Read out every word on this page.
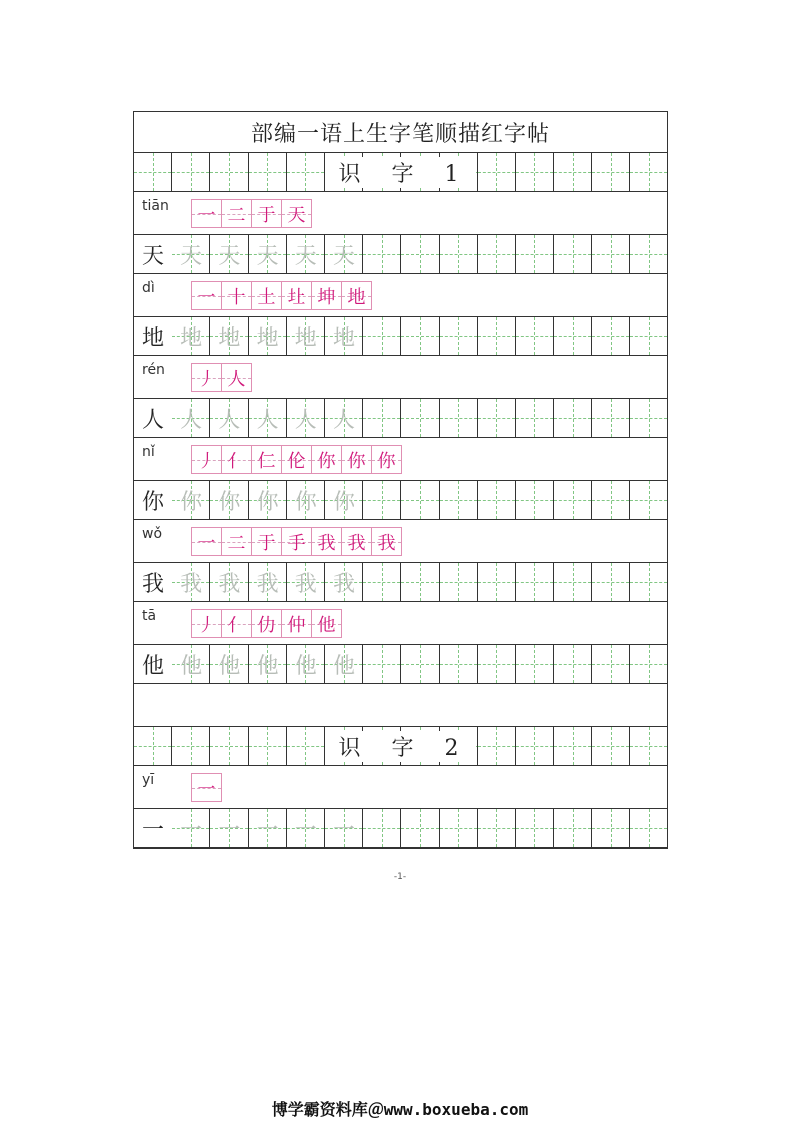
部编一语上生字笔顺描红字帖
识 字 1
tiān 一 二 于 天
天 天 天 天 天 天
dì 一 十 土 圵 坤 地
地 地 地 地 地 地
rén 丿 人
人 人 人 人 人 人
nǐ 丿 亻 仁 伦 你 你 你
你 你 你 你 你 你
wǒ 一 二 于 手 我 我 我
我 我 我 我 我 我
tā 丿 亻 仂 仲 他
他 他 他 他 他 他
识 字 2
yī 一
一 一 一 一 一 一
-1-
博学霸资料库＠www.boxueba.com
